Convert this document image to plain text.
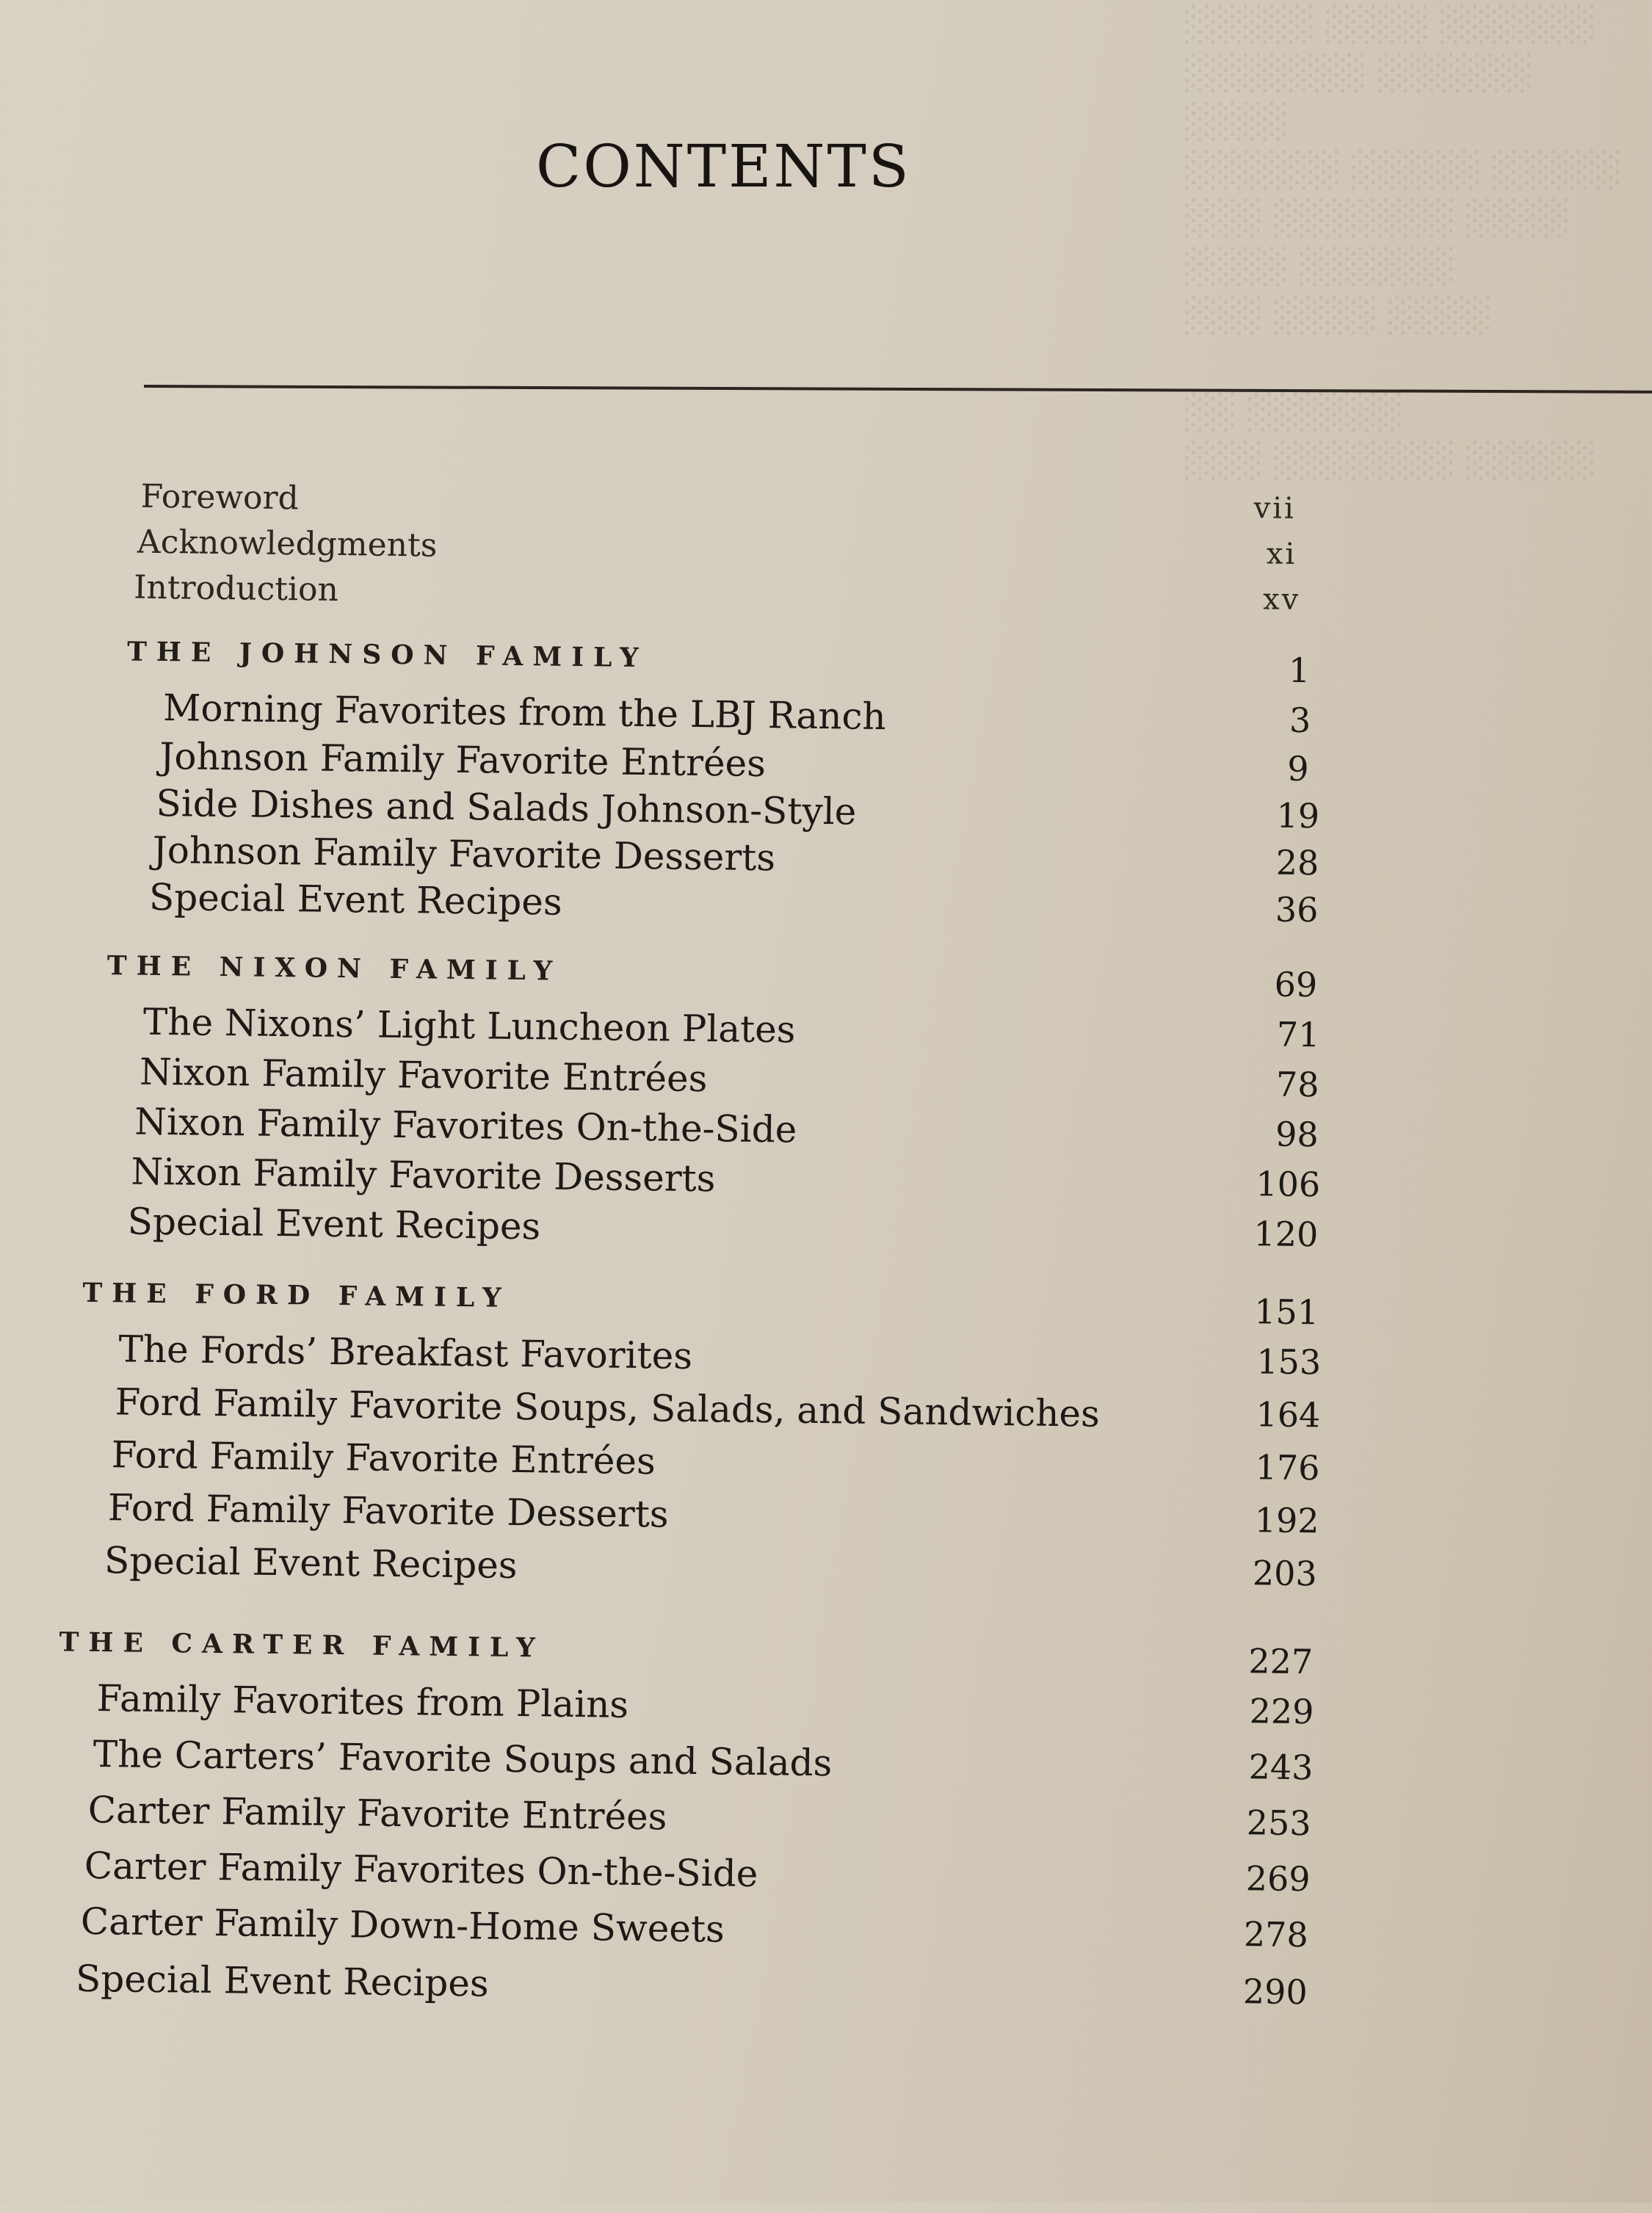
░░░░░░ ░░░░ ░░░░░
░░░░░░ ░░░░░░░ ░░░░
░░░░░ ░░░░░ ░░░░░░
░░░░ ░░░░░░░ ░░░
░░░░░░ ░░░░
░░░░ ░░░░ ░░░

░░░░░░ ░░
░░░░░ ░░░░░░░ ░░░
CONTENTS
Foreword	vii
Acknowledgments	xi
Introduction	xv
THE JOHNSON FAMILY	1
Morning Favorites from the LBJ Ranch	3
Johnson Family Favorite Entrées	9
Side Dishes and Salads Johnson-Style	19
Johnson Family Favorite Desserts	28
Special Event Recipes	36
THE NIXON FAMILY	69
The Nixons’ Light Luncheon Plates	71
Nixon Family Favorite Entrées	78
Nixon Family Favorites On-the-Side	98
Nixon Family Favorite Desserts	106
Special Event Recipes	120
THE FORD FAMILY	151
The Fords’ Breakfast Favorites	153
Ford Family Favorite Soups, Salads, and Sandwiches	164
Ford Family Favorite Entrées	176
Ford Family Favorite Desserts	192
Special Event Recipes	203
THE CARTER FAMILY	227
Family Favorites from Plains	229
The Carters’ Favorite Soups and Salads	243
Carter Family Favorite Entrées	253
Carter Family Favorites On-the-Side	269
Carter Family Down-Home Sweets	278
Special Event Recipes	290
